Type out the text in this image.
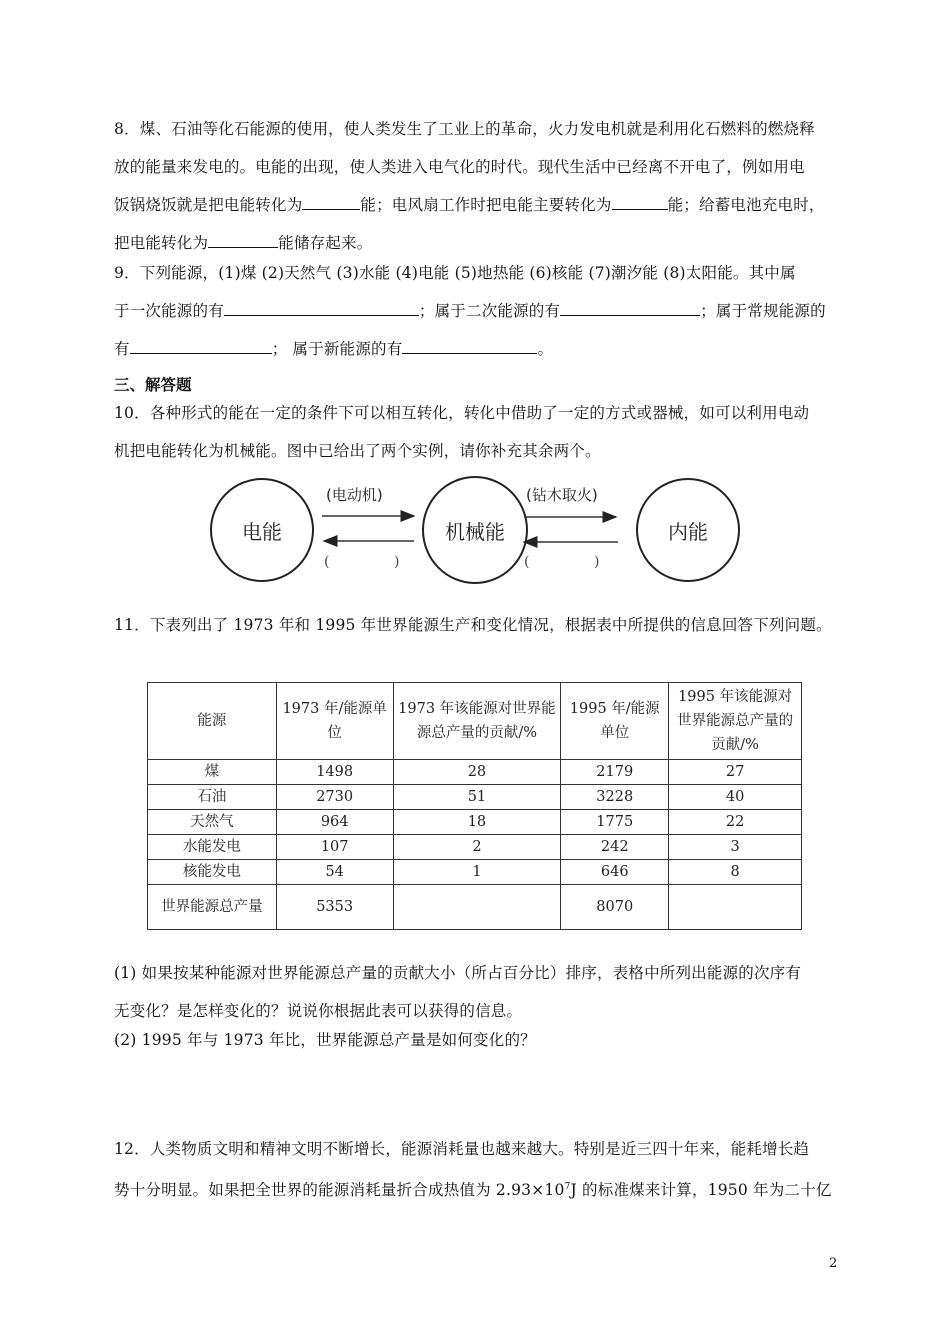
8．煤、石油等化石能源的使用，使人类发生了工业上的革命，火力发电机就是利用化石燃料的燃烧释
放的能量来发电的。电能的出现，使人类进入电气化的时代。现代生活中已经离不开电了，例如用电
饭锅烧饭就是把电能转化为	能；电风扇工作时把电能主要转化为	能；给蓄电池充电时，
把电能转化为	能储存起来。
9．下列能源，(1)煤 (2)天然气 (3)水能 (4)电能 (5)地热能 (6)核能 (7)潮汐能 (8)太阳能。其中属
于一次能源的有	；属于二次能源的有	；属于常规能源的
有	； 属于新能源的有	。
三、解答题
10．各种形式的能在一定的条件下可以相互转化，转化中借助了一定的方式或器械，如可以利用电动
机把电能转化为机械能。图中已给出了两个实例，请你补充其余两个。
电能	机械能	内能
(电动机)	(钻木取火)
(	)	(	)
11．下表列出了 1973 年和 1995 年世界能源生产和变化情况，根据表中所提供的信息回答下列问题。
能源	1973 年/能源单位	1973 年该能源对世界能源总产量的贡献/%	1995 年/能源单位	1995 年该能源对世界能源总产量的贡献/%
煤	1498	28	2179	27
石油	2730	51	3228	40
天然气	964	18	1775	22
水能发电	107	2	242	3
核能发电	54	1	646	8
世界能源总产量	5353		8070	
(1) 如果按某种能源对世界能源总产量的贡献大小（所占百分比）排序，表格中所列出能源的次序有
无变化？是怎样变化的？说说你根据此表可以获得的信息。
(2) 1995 年与 1973 年比，世界能源总产量是如何变化的？
12．人类物质文明和精神文明不断增长，能源消耗量也越来越大。特别是近三四十年来，能耗增长趋
势十分明显。如果把全世界的能源消耗量折合成热值为 $2.93\times 10^7J$ 的标准煤来计算，1950 年为二十亿
2
